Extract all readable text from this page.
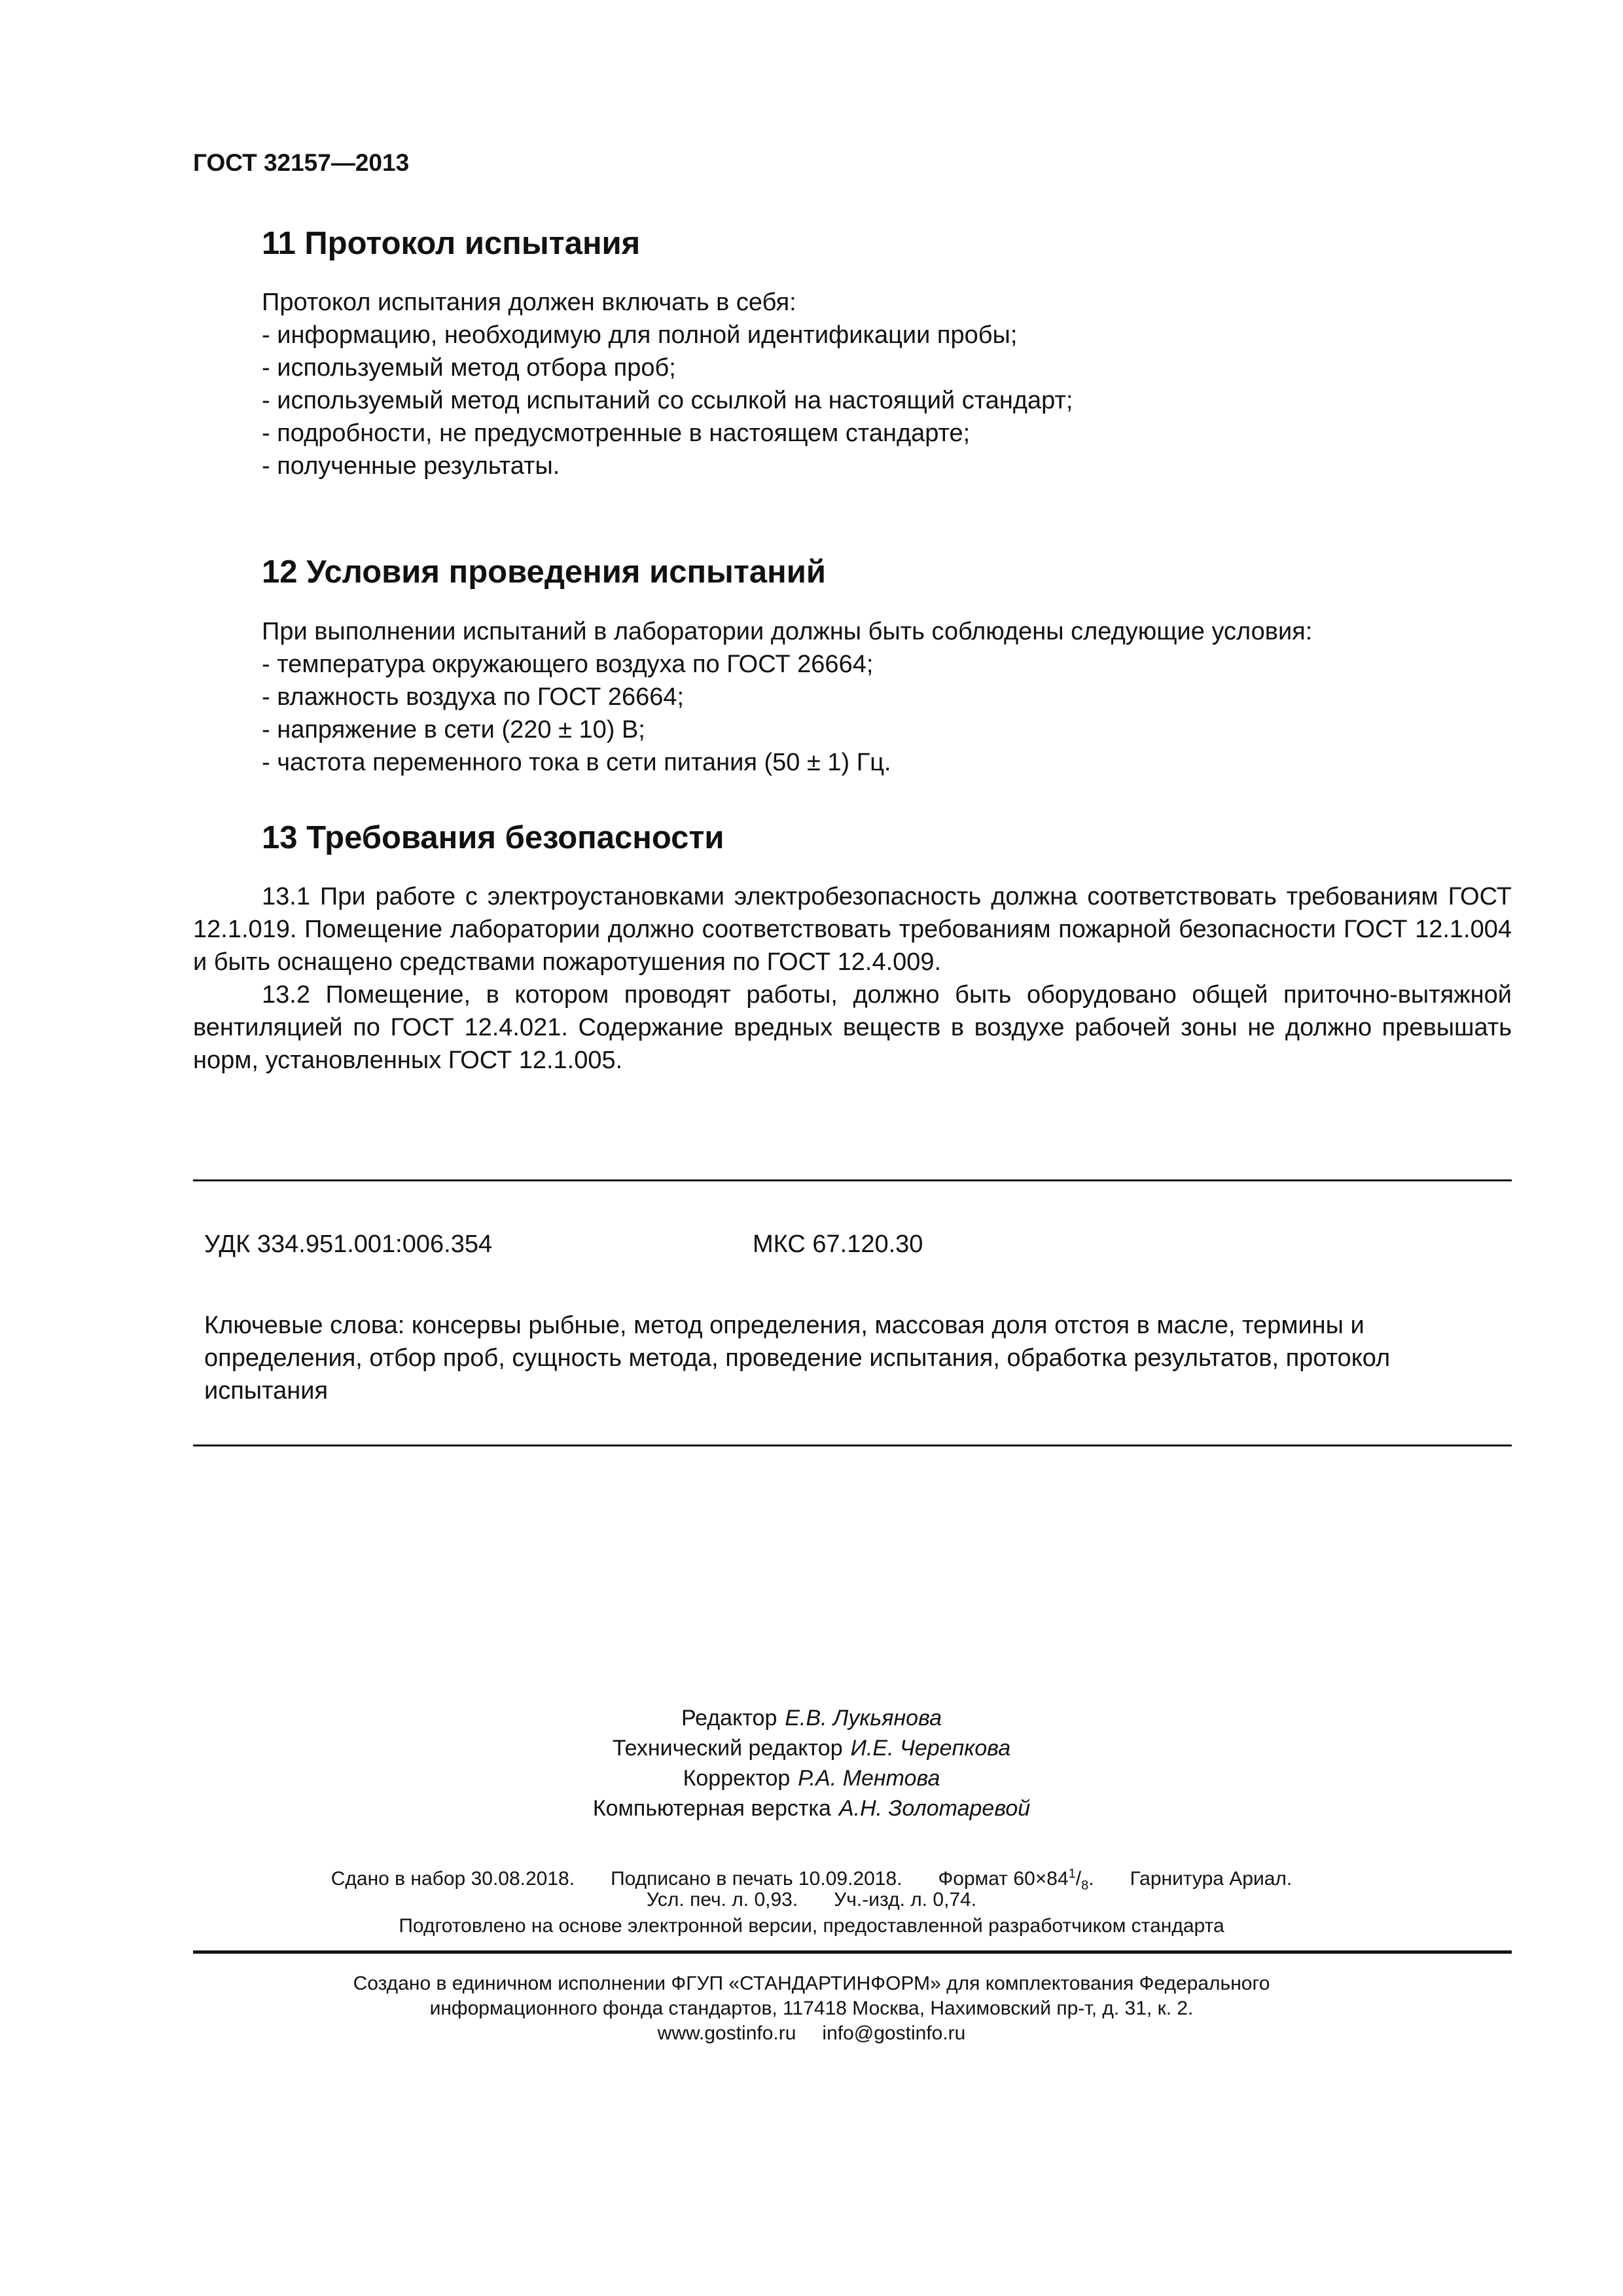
ГОСТ 32157—2013
11 Протокол испытания
Протокол испытания должен включать в себя:
- информацию, необходимую для полной идентификации пробы;
- используемый метод отбора проб;
- используемый метод испытаний со ссылкой на настоящий стандарт;
- подробности, не предусмотренные в настоящем стандарте;
- полученные результаты.
12 Условия проведения испытаний
При выполнении испытаний в лаборатории должны быть соблюдены следующие условия:
- температура окружающего воздуха по ГОСТ 26664;
- влажность воздуха по ГОСТ 26664;
- напряжение в сети (220 ± 10) В;
- частота переменного тока в сети питания (50 ± 1) Гц.
13 Требования безопасности
13.1 При работе с электроустановками электробезопасность должна соответствовать требованиям ГОСТ 12.1.019. Помещение лаборатории должно соответствовать требованиям пожарной безопасности ГОСТ 12.1.004 и быть оснащено средствами пожаротушения по ГОСТ 12.4.009.
13.2 Помещение, в котором проводят работы, должно быть оборудовано общей приточно-вытяжной вентиляцией по ГОСТ 12.4.021. Содержание вредных веществ в воздухе рабочей зоны не должно превышать норм, установленных ГОСТ 12.1.005.
УДК 334.951.001:006.354	МКС 67.120.30
Ключевые слова: консервы рыбные, метод определения, массовая доля отстоя в масле, термины и определения, отбор проб, сущность метода, проведение испытания, обработка результатов, протокол испытания
Редактор Е.В. Лукьянова
Технический редактор И.Е. Черепкова
Корректор Р.А. Ментова
Компьютерная верстка А.Н. Золотаревой
Сдано в набор 30.08.2018. Подписано в печать 10.09.2018. Формат $60\times 84^1/_8$. Гарнитура Ариал.
Усл. печ. л. 0,93. Уч.-изд. л. 0,74.
Подготовлено на основе электронной версии, предоставленной разработчиком стандарта
Создано в единичном исполнении ФГУП «СТАНДАРТИНФОРМ» для комплектования Федерального
информационного фонда стандартов, 117418 Москва, Нахимовский пр-т, д. 31, к. 2.
www.gostinfo.ru info@gostinfo.ru
